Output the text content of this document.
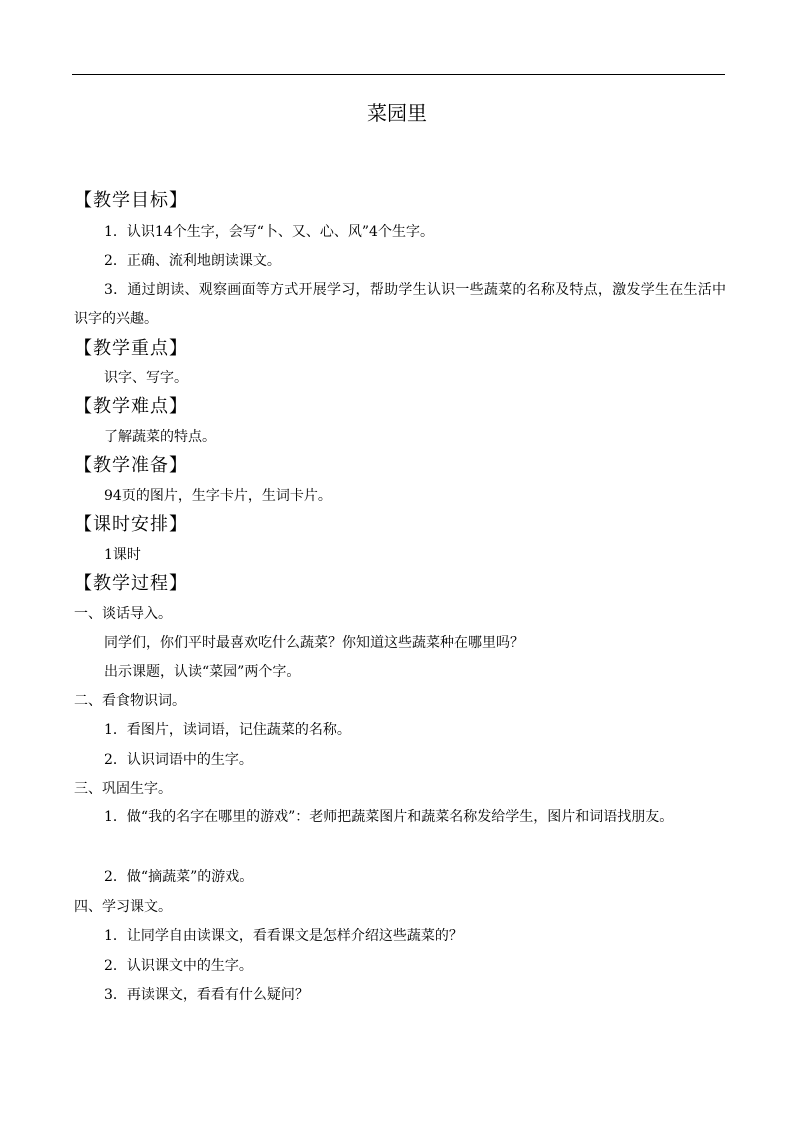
菜园里
【教学目标】
1．认识14个生字，会写“卜、又、心、风”4个生字。
2．正确、流利地朗读课文。
3．通过朗读、观察画面等方式开展学习，帮助学生认识一些蔬菜的名称及特点，激发学生在生活中识字的兴趣。
【教学重点】
识字、写字。
【教学难点】
了解蔬菜的特点。
【教学准备】
94页的图片，生字卡片，生词卡片。
【课时安排】
1课时
【教学过程】
一、谈话导入。
同学们，你们平时最喜欢吃什么蔬菜？你知道这些蔬菜种在哪里吗？
出示课题，认读“菜园”两个字。
二、看食物识词。
1．看图片，读词语，记住蔬菜的名称。
2．认识词语中的生字。
三、巩固生字。
1．做“我的名字在哪里的游戏”：老师把蔬菜图片和蔬菜名称发给学生，图片和词语找朋友。
2．做“摘蔬菜”的游戏。
四、学习课文。
1．让同学自由读课文，看看课文是怎样介绍这些蔬菜的？
2．认识课文中的生字。
3．再读课文，看看有什么疑问？
